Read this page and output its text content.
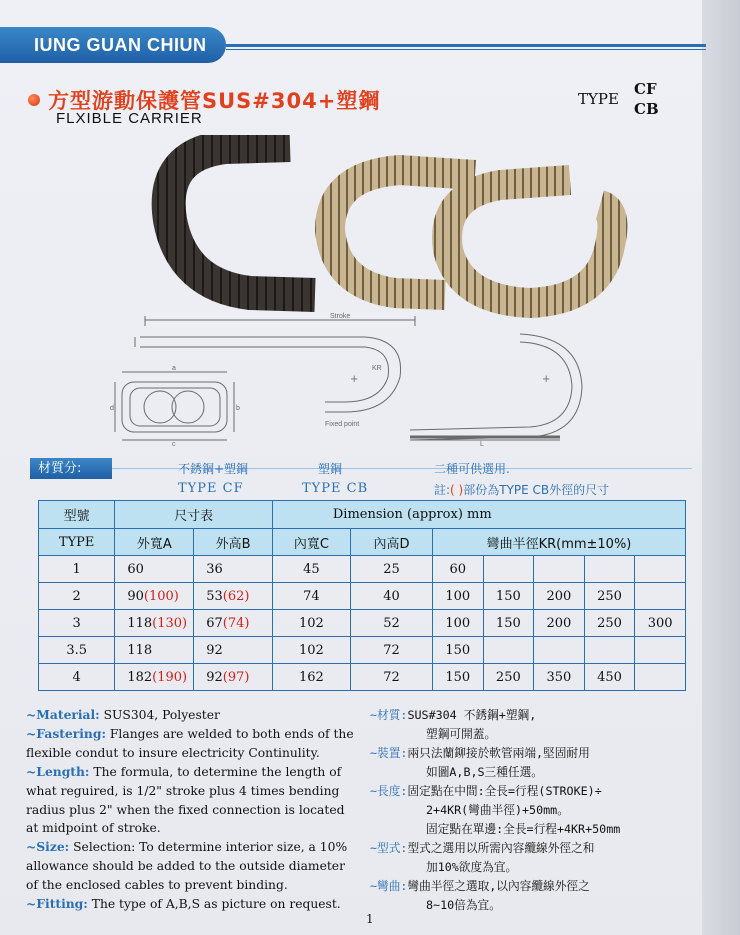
IUNG GUAN CHIUN
方型游動保護管SUS#304+塑鋼
FLXIBLE CARRIER
TYPE
CF
CB
Stroke
Fixed point
a
b
c
d
L
KR
+	+
材質分:	不銹鋼+塑鋼	塑鋼	二種可供選用.
TYPE CF	TYPE CB	註:( )部份為TYPE CB外徑的尺寸
型號	尺寸表		Dimension (approx) mm						
TYPE	外寬A	外高B	內寬C	內高D	彎曲半徑KR(mm±10%)				
1	60	36	45	25	60				
2	90(100)	53(62)	74	40	100	150	200	250	
3	118(130)	67(74)	102	52	100	150	200	250	300
3.5	118	92	102	72	150				
4	182(190)	92(97)	162	72	150	250	350	450	

~Material: SUS304, Polyester

~Fastering: Flanges are welded to both ends of the flexible condut to insure electricity Continulity.

~Length: The formula, to determine the length of what reguired, is 1/2" stroke plus 4 times bending radius plus 2" when the fixed connection is located at midpoint of stroke.

~Size: Selection: To determine interior size, a 10% allowance should be added to the outside diameter of the enclosed cables to prevent binding.

~Fitting: The type of A,B,S as picture on request.

~材質:SUS#304 不銹鋼+塑鋼,

塑鋼可開蓋。

~裝置:兩只法蘭鉚接於軟管兩端,堅固耐用

如圖A,B,S三種任選。

~長度:固定點在中間:全長=行程(STROKE)÷

2+4KR(彎曲半徑)+50mm。

固定點在單邊:全長=行程+4KR+50mm

~型式:型式之選用以所需內容纜線外徑之和

加10%欲度為宜。

~彎曲:彎曲半徑之選取,以內容纜線外徑之

8~10倍為宜。

1
